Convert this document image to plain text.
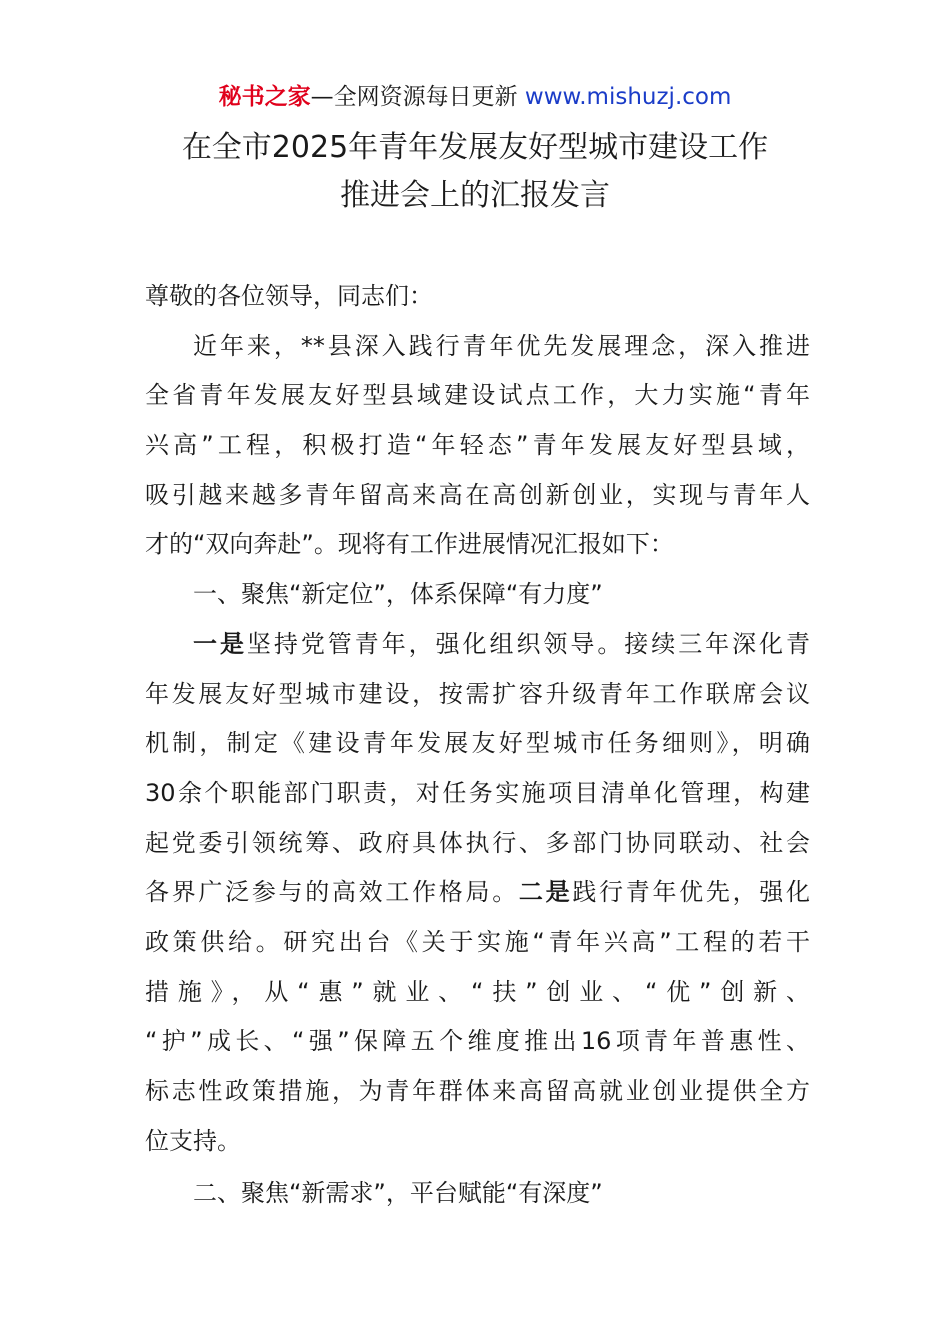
秘书之家—全网资源每日更新 www.mishuzj.com
在全市2025年青年发展友好型城市建设工作
推进会上的汇报发言
尊敬的各位领导，同志们：
近年来，**县深入践行青年优先发展理念，深入推进
全省青年发展友好型县域建设试点工作，大力实施“青年
兴高”工程，积极打造“年轻态”青年发展友好型县域，
吸引越来越多青年留高来高在高创新创业，实现与青年人
才的“双向奔赴”。现将有工作进展情况汇报如下：
一、聚焦“新定位”，体系保障“有力度”
一是坚持党管青年，强化组织领导。接续三年深化青
年发展友好型城市建设，按需扩容升级青年工作联席会议
机制，制定《建设青年发展友好型城市任务细则》，明确
30余个职能部门职责，对任务实施项目清单化管理，构建
起党委引领统筹、政府具体执行、多部门协同联动、社会
各界广泛参与的高效工作格局。二是践行青年优先，强化
政策供给。研究出台《关于实施“青年兴高”工程的若干
措施》，从“惠”就业、“扶”创业、“优”创新、
“护”成长、“强”保障五个维度推出16项青年普惠性、
标志性政策措施，为青年群体来高留高就业创业提供全方
位支持。
二、聚焦“新需求”，平台赋能“有深度”
